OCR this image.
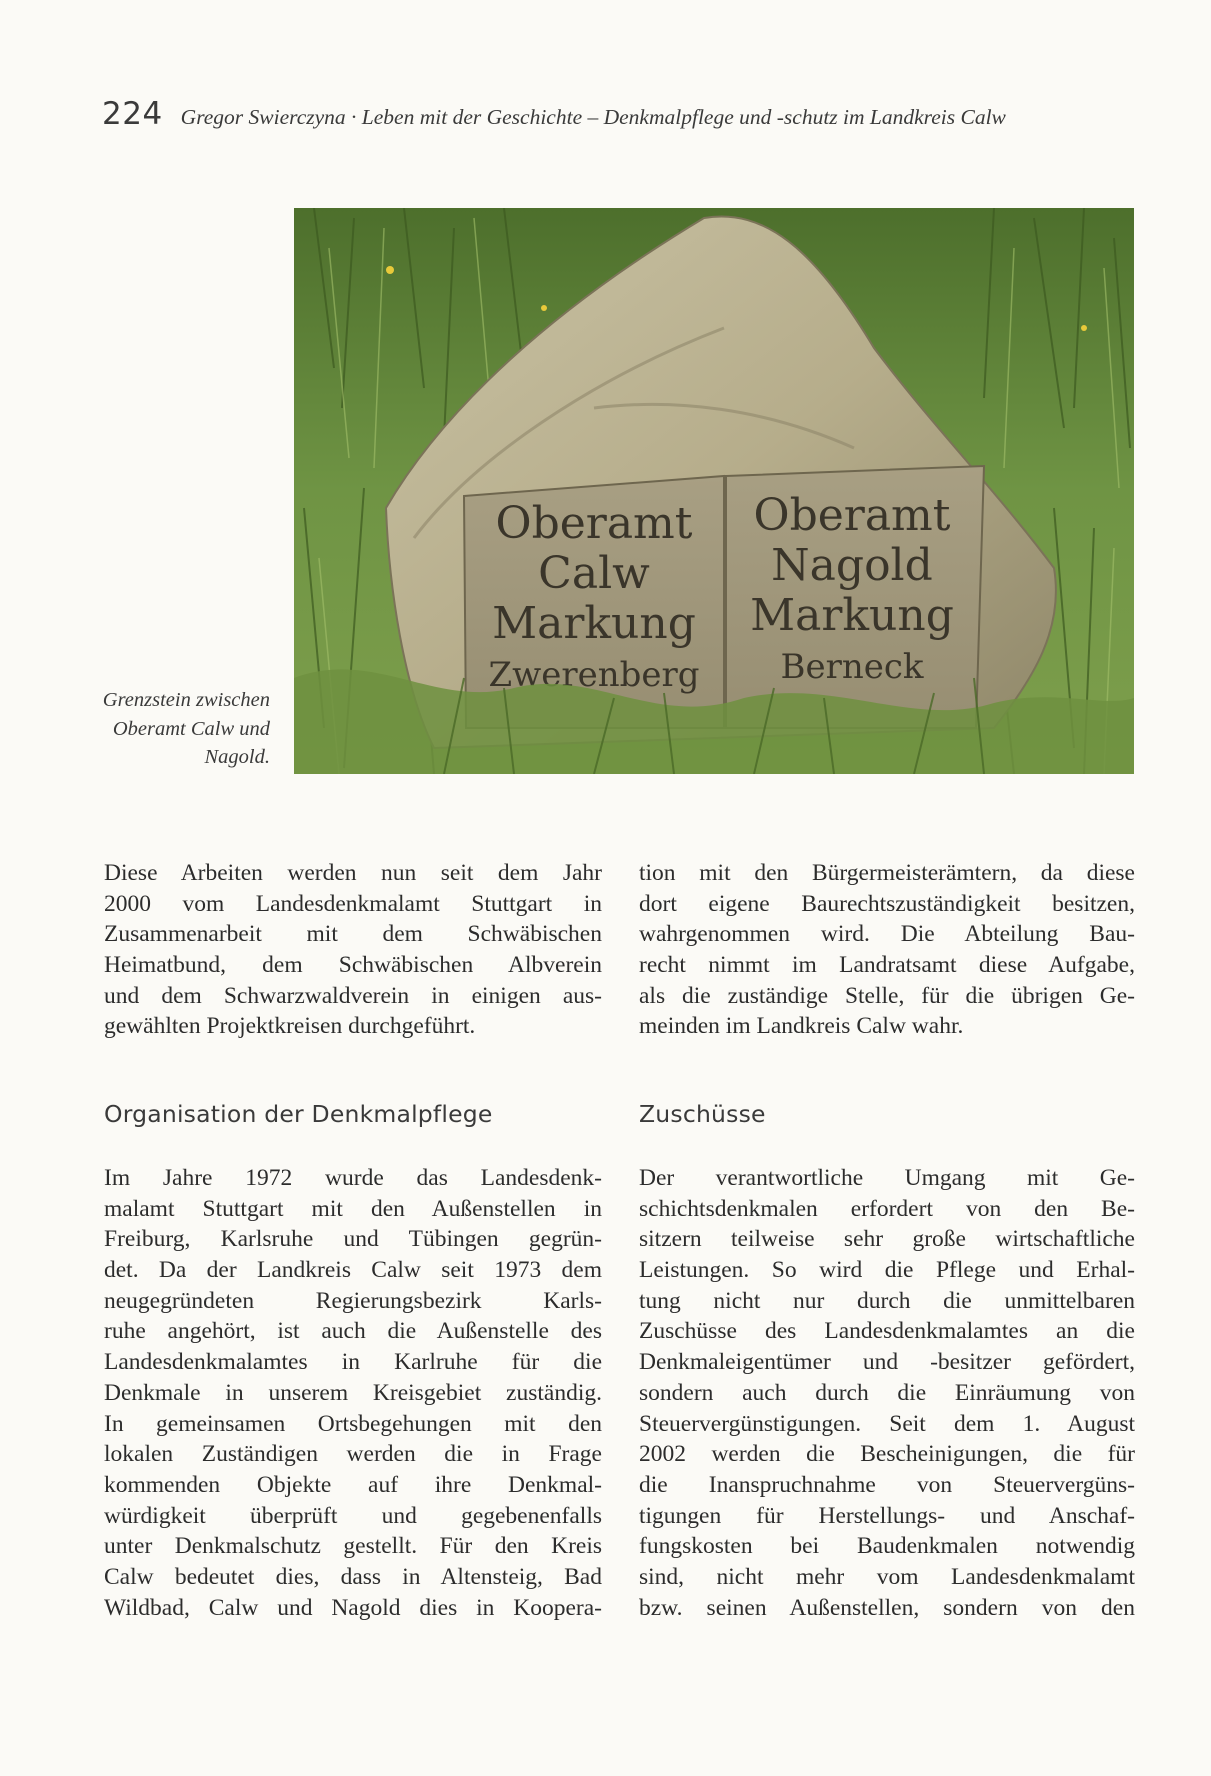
224 Gregor Swierczyna · Leben mit der Geschichte – Denkmalpflege und -schutz im Landkreis Calw
Oberamt
Calw
Markung
Zwerenberg
Oberamt
Nagold
Markung
Berneck
Grenzstein zwischen
Oberamt Calw und
Nagold.
Diese Arbeiten werden nun seit dem Jahr
2000 vom Landesdenkmalamt Stuttgart in
Zusammenarbeit mit dem Schwäbischen
Heimatbund, dem Schwäbischen Albverein
und dem Schwarzwaldverein in einigen aus-
gewählten Projektkreisen durchgeführt.
Organisation der Denkmalpflege
Im Jahre 1972 wurde das Landesdenk-
malamt Stuttgart mit den Außenstellen in
Freiburg, Karlsruhe und Tübingen gegrün-
det. Da der Landkreis Calw seit 1973 dem
neugegründeten Regierungsbezirk Karls-
ruhe angehört, ist auch die Außenstelle des
Landesdenkmalamtes in Karlruhe für die
Denkmale in unserem Kreisgebiet zuständig.
In gemeinsamen Ortsbegehungen mit den
lokalen Zuständigen werden die in Frage
kommenden Objekte auf ihre Denkmal-
würdigkeit überprüft und gegebenenfalls
unter Denkmalschutz gestellt. Für den Kreis
Calw bedeutet dies, dass in Altensteig, Bad
Wildbad, Calw und Nagold dies in Koopera-
tion mit den Bürgermeisterämtern, da diese
dort eigene Baurechtszuständigkeit besitzen,
wahrgenommen wird. Die Abteilung Bau-
recht nimmt im Landratsamt diese Aufgabe,
als die zuständige Stelle, für die übrigen Ge-
meinden im Landkreis Calw wahr.
Zuschüsse
Der verantwortliche Umgang mit Ge-
schichtsdenkmalen erfordert von den Be-
sitzern teilweise sehr große wirtschaftliche
Leistungen. So wird die Pflege und Erhal-
tung nicht nur durch die unmittelbaren
Zuschüsse des Landesdenkmalamtes an die
Denkmaleigentümer und -besitzer gefördert,
sondern auch durch die Einräumung von
Steuervergünstigungen. Seit dem 1. August
2002 werden die Bescheinigungen, die für
die Inanspruchnahme von Steuervergüns-
tigungen für Herstellungs- und Anschaf-
fungskosten bei Baudenkmalen notwendig
sind, nicht mehr vom Landesdenkmalamt
bzw. seinen Außenstellen, sondern von den
